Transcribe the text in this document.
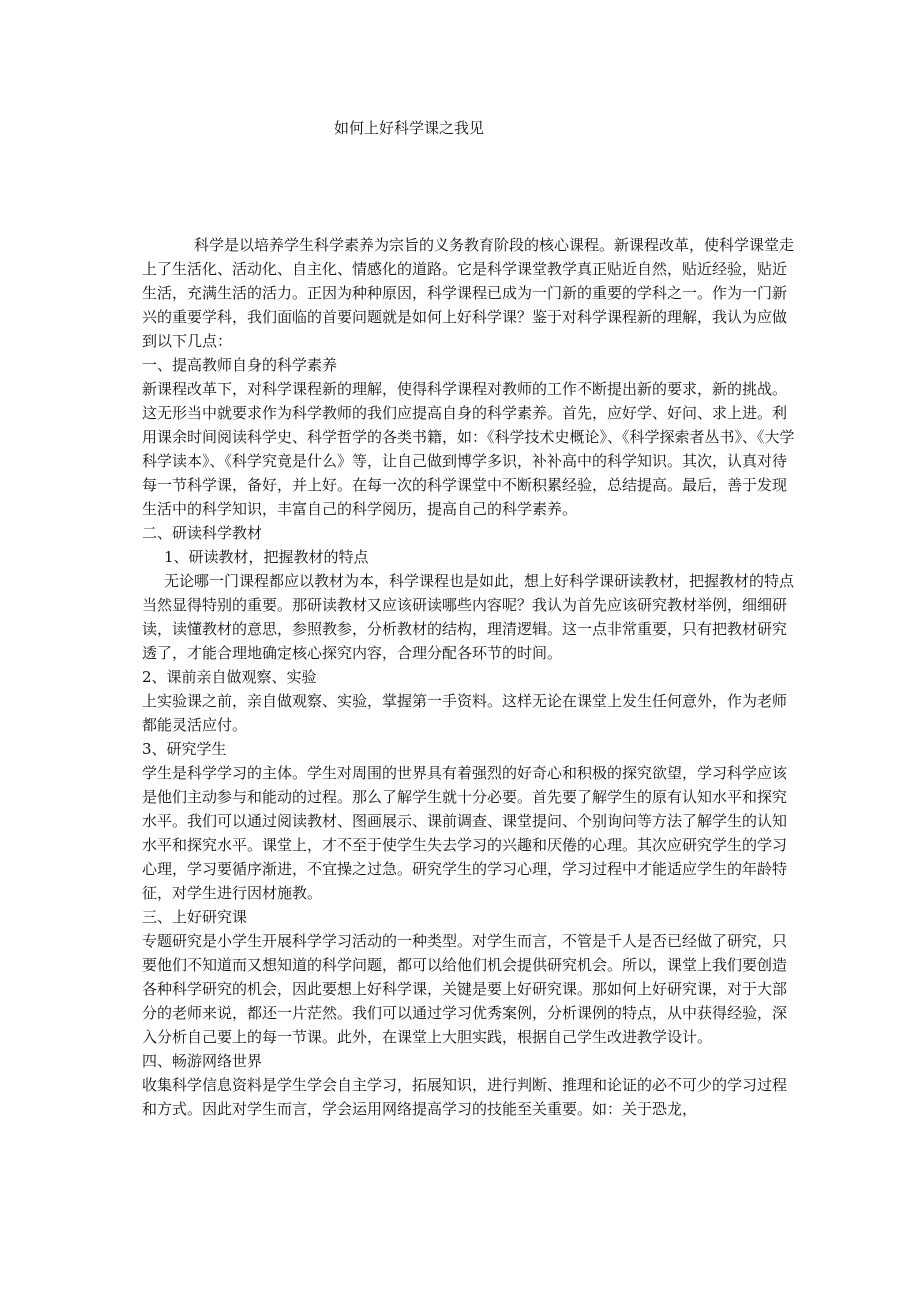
如何上好科学课之我见

科学是以培养学生科学素养为宗旨的义务教育阶段的核心课程。新课程改革，使科学课堂走上了生活化、活动化、自主化、情感化的道路。它是科学课堂教学真正贴近自然，贴近经验，贴近生活，充满生活的活力。正因为种种原因，科学课程已成为一门新的重要的学科之一。作为一门新兴的重要学科，我们面临的首要问题就是如何上好科学课？鉴于对科学课程新的理解，我认为应做到以下几点：

一、提高教师自身的科学素养

新课程改革下，对科学课程新的理解，使得科学课程对教师的工作不断提出新的要求，新的挑战。这无形当中就要求作为科学教师的我们应提高自身的科学素养。首先，应好学、好问、求上进。利用课余时间阅读科学史、科学哲学的各类书籍，如：《科学技术史概论》、《科学探索者丛书》、《大学科学读本》、《科学究竟是什么》等，让自己做到博学多识，补补高中的科学知识。其次，认真对待每一节科学课，备好，并上好。在每一次的科学课堂中不断积累经验，总结提高。最后，善于发现生活中的科学知识，丰富自己的科学阅历，提高自己的科学素养。

二、研读科学教材

1、研读教材，把握教材的特点

无论哪一门课程都应以教材为本，科学课程也是如此，想上好科学课研读教材，把握教材的特点当然显得特别的重要。那研读教材又应该研读哪些内容呢？我认为首先应该研究教材举例，细细研读，读懂教材的意思，参照教参，分析教材的结构，理清逻辑。这一点非常重要，只有把教材研究透了，才能合理地确定核心探究内容，合理分配各环节的时间。

2、课前亲自做观察、实验

上实验课之前，亲自做观察、实验，掌握第一手资料。这样无论在课堂上发生任何意外，作为老师都能灵活应付。

3、研究学生

学生是科学学习的主体。学生对周围的世界具有着强烈的好奇心和积极的探究欲望，学习科学应该是他们主动参与和能动的过程。那么了解学生就十分必要。首先要了解学生的原有认知水平和探究水平。我们可以通过阅读教材、图画展示、课前调查、课堂提问、个别询问等方法了解学生的认知水平和探究水平。课堂上，才不至于使学生失去学习的兴趣和厌倦的心理。其次应研究学生的学习心理，学习要循序渐进，不宜操之过急。研究学生的学习心理，学习过程中才能适应学生的年龄特征，对学生进行因材施教。

三、上好研究课

专题研究是小学生开展科学学习活动的一种类型。对学生而言，不管是千人是否已经做了研究，只要他们不知道而又想知道的科学问题，都可以给他们机会提供研究机会。所以，课堂上我们要创造各种科学研究的机会，因此要想上好科学课，关键是要上好研究课。那如何上好研究课，对于大部分的老师来说，都还一片茫然。我们可以通过学习优秀案例，分析课例的特点，从中获得经验，深入分析自己要上的每一节课。此外，在课堂上大胆实践，根据自己学生改进教学设计。

四、畅游网络世界

收集科学信息资料是学生学会自主学习，拓展知识，进行判断、推理和论证的必不可少的学习过程和方式。因此对学生而言，学会运用网络提高学习的技能至关重要。如：关于恐龙，
